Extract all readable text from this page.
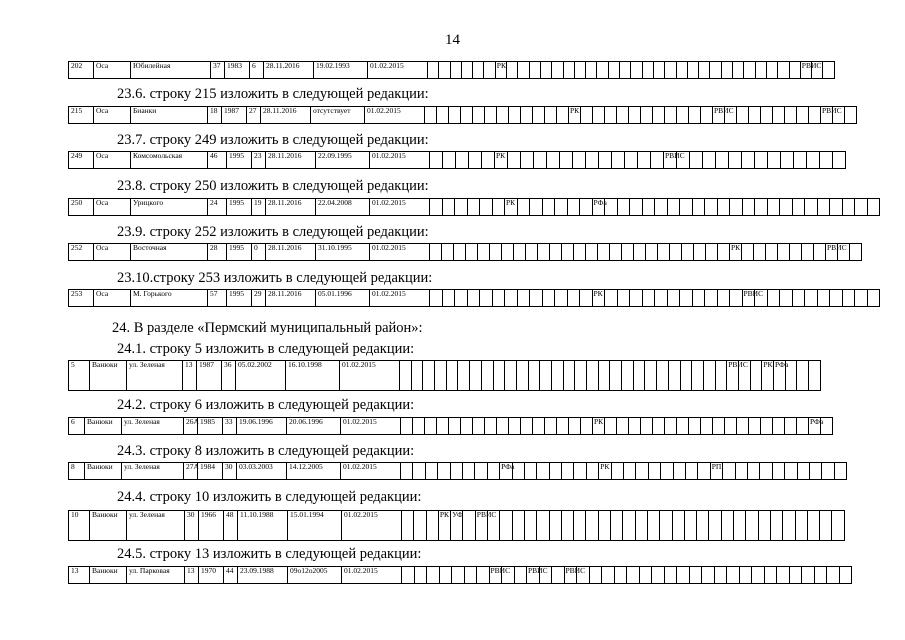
14
202	Оса	Юбилейная	37	1983	6	28.11.2016	19.02.1993	01.02.2015							РК																											РВИС		
23.6. строку 215 изложить в следующей редакции:
215	Оса	Бианки	18	1987	27	28.11.2016	отсутствует	01.02.2015													РК												РВИС									РВИС		
23.7. строку 249 изложить в следующей редакции:
249	Оса	Комсомольская	46	1995	23	28.11.2016	22.09.1995	01.02.2015						РК													РВИС													
23.8. строку 250 изложить в следующей редакции:
250	Оса	Урицкого	24	1995	19	28.11.2016	22.04.2008	01.02.2015							РК							РФа																						
23.9. строку 252 изложить в следующей редакции:
252	Оса	Восточная	28	1995	0	28.11.2016	31.10.1995	01.02.2015																										РК								РВИС		
23.10.строку 253 изложить в следующей редакции:
253	Оса	М. Горького	57	1995	29	28.11.2016	05.01.1996	01.02.2015														РК												РВИС										
24. В разделе «Пермский муниципальный район»:
24.1. строку 5 изложить в следующей редакции:
5	Ванюки	ул. Зеленая	13	1987	36	05.02.2002	16.10.1998	01.02.2015																													РВИС			РК	РФа			
24.2. строку 6 изложить в следующей редакции:
6	Ванюки	ул. Зеленая	26А	1985	33	19.06.1996	20.06.1996	01.02.2015																	РК																		РФа	
24.3. строку 8 изложить в следующей редакции:
8	Ванюки	ул. Зеленая	27А	1984	30	03.03.2003	14.12.2005	01.02.2015									РФа								РК									РП										
24.4. строку 10 изложить в следующей редакции:
10	Ванюки	ул. Зеленая	30	1966	48	11.10.1988	15.01.1994	01.02.2015				РК	УФ		РВИС																													
24.5. строку 13 изложить в следующей редакции:
13	Ванюки	ул. Парковая	13	1970	44	23.09.1988	09о12о2005	01.02.2015								РВИС			РВИС			РВИС																						
